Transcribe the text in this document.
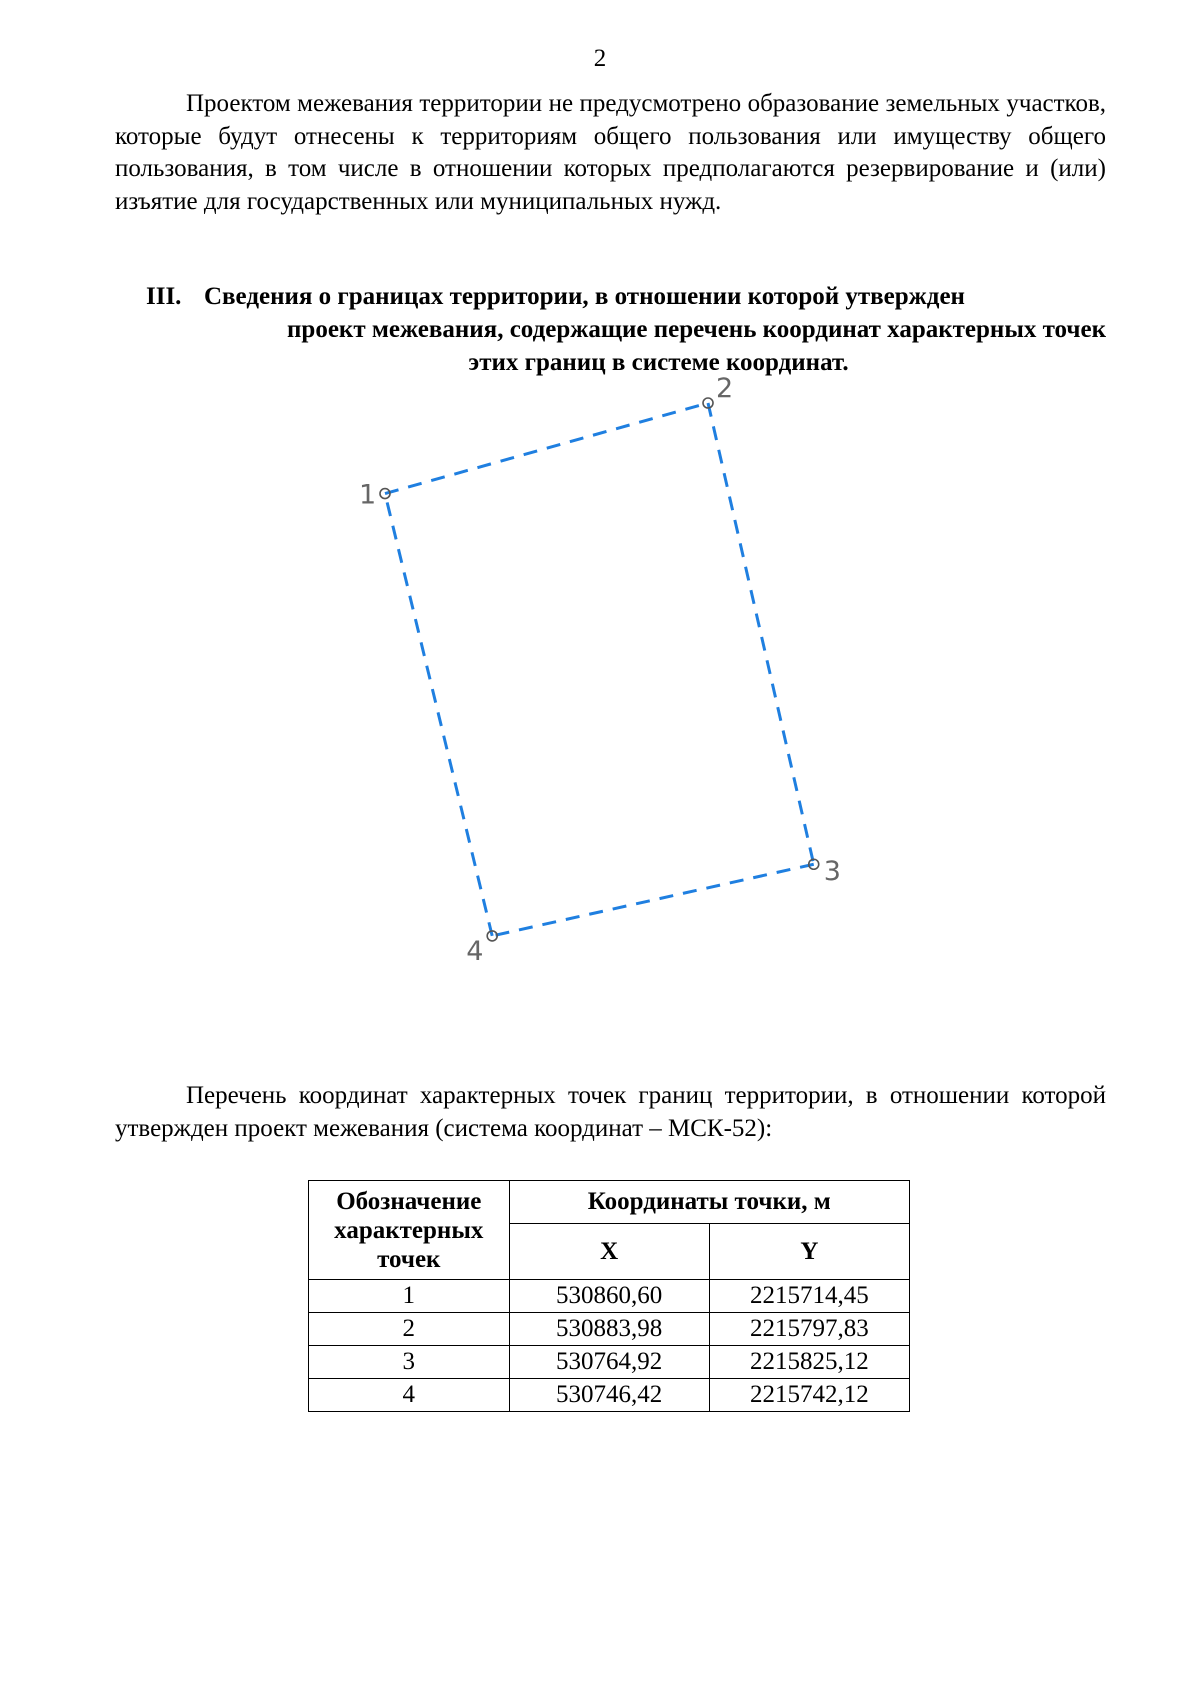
2

Проектом межевания территории не предусмотрено образование земельных участков, которые будут отнесены к территориям общего пользования или имуществу общего пользования, в том числе в отношении которых предполагаются резервирование и (или) изъятие для государственных или муниципальных нужд.

III. Сведения о границах территории, в отношении которой утвержден
проект межевания, содержащие перечень координат характерных точек
этих границ в системе координат.
1
2
3
4

Перечень координат характерных точек границ территории, в отношении которой утвержден проект межевания (система координат – МСК-52):

Обозначение характерных точек	Координаты точки, м	
	X	Y
1	530860,60	2215714,45
2	530883,98	2215797,83
3	530764,92	2215825,12
4	530746,42	2215742,12
